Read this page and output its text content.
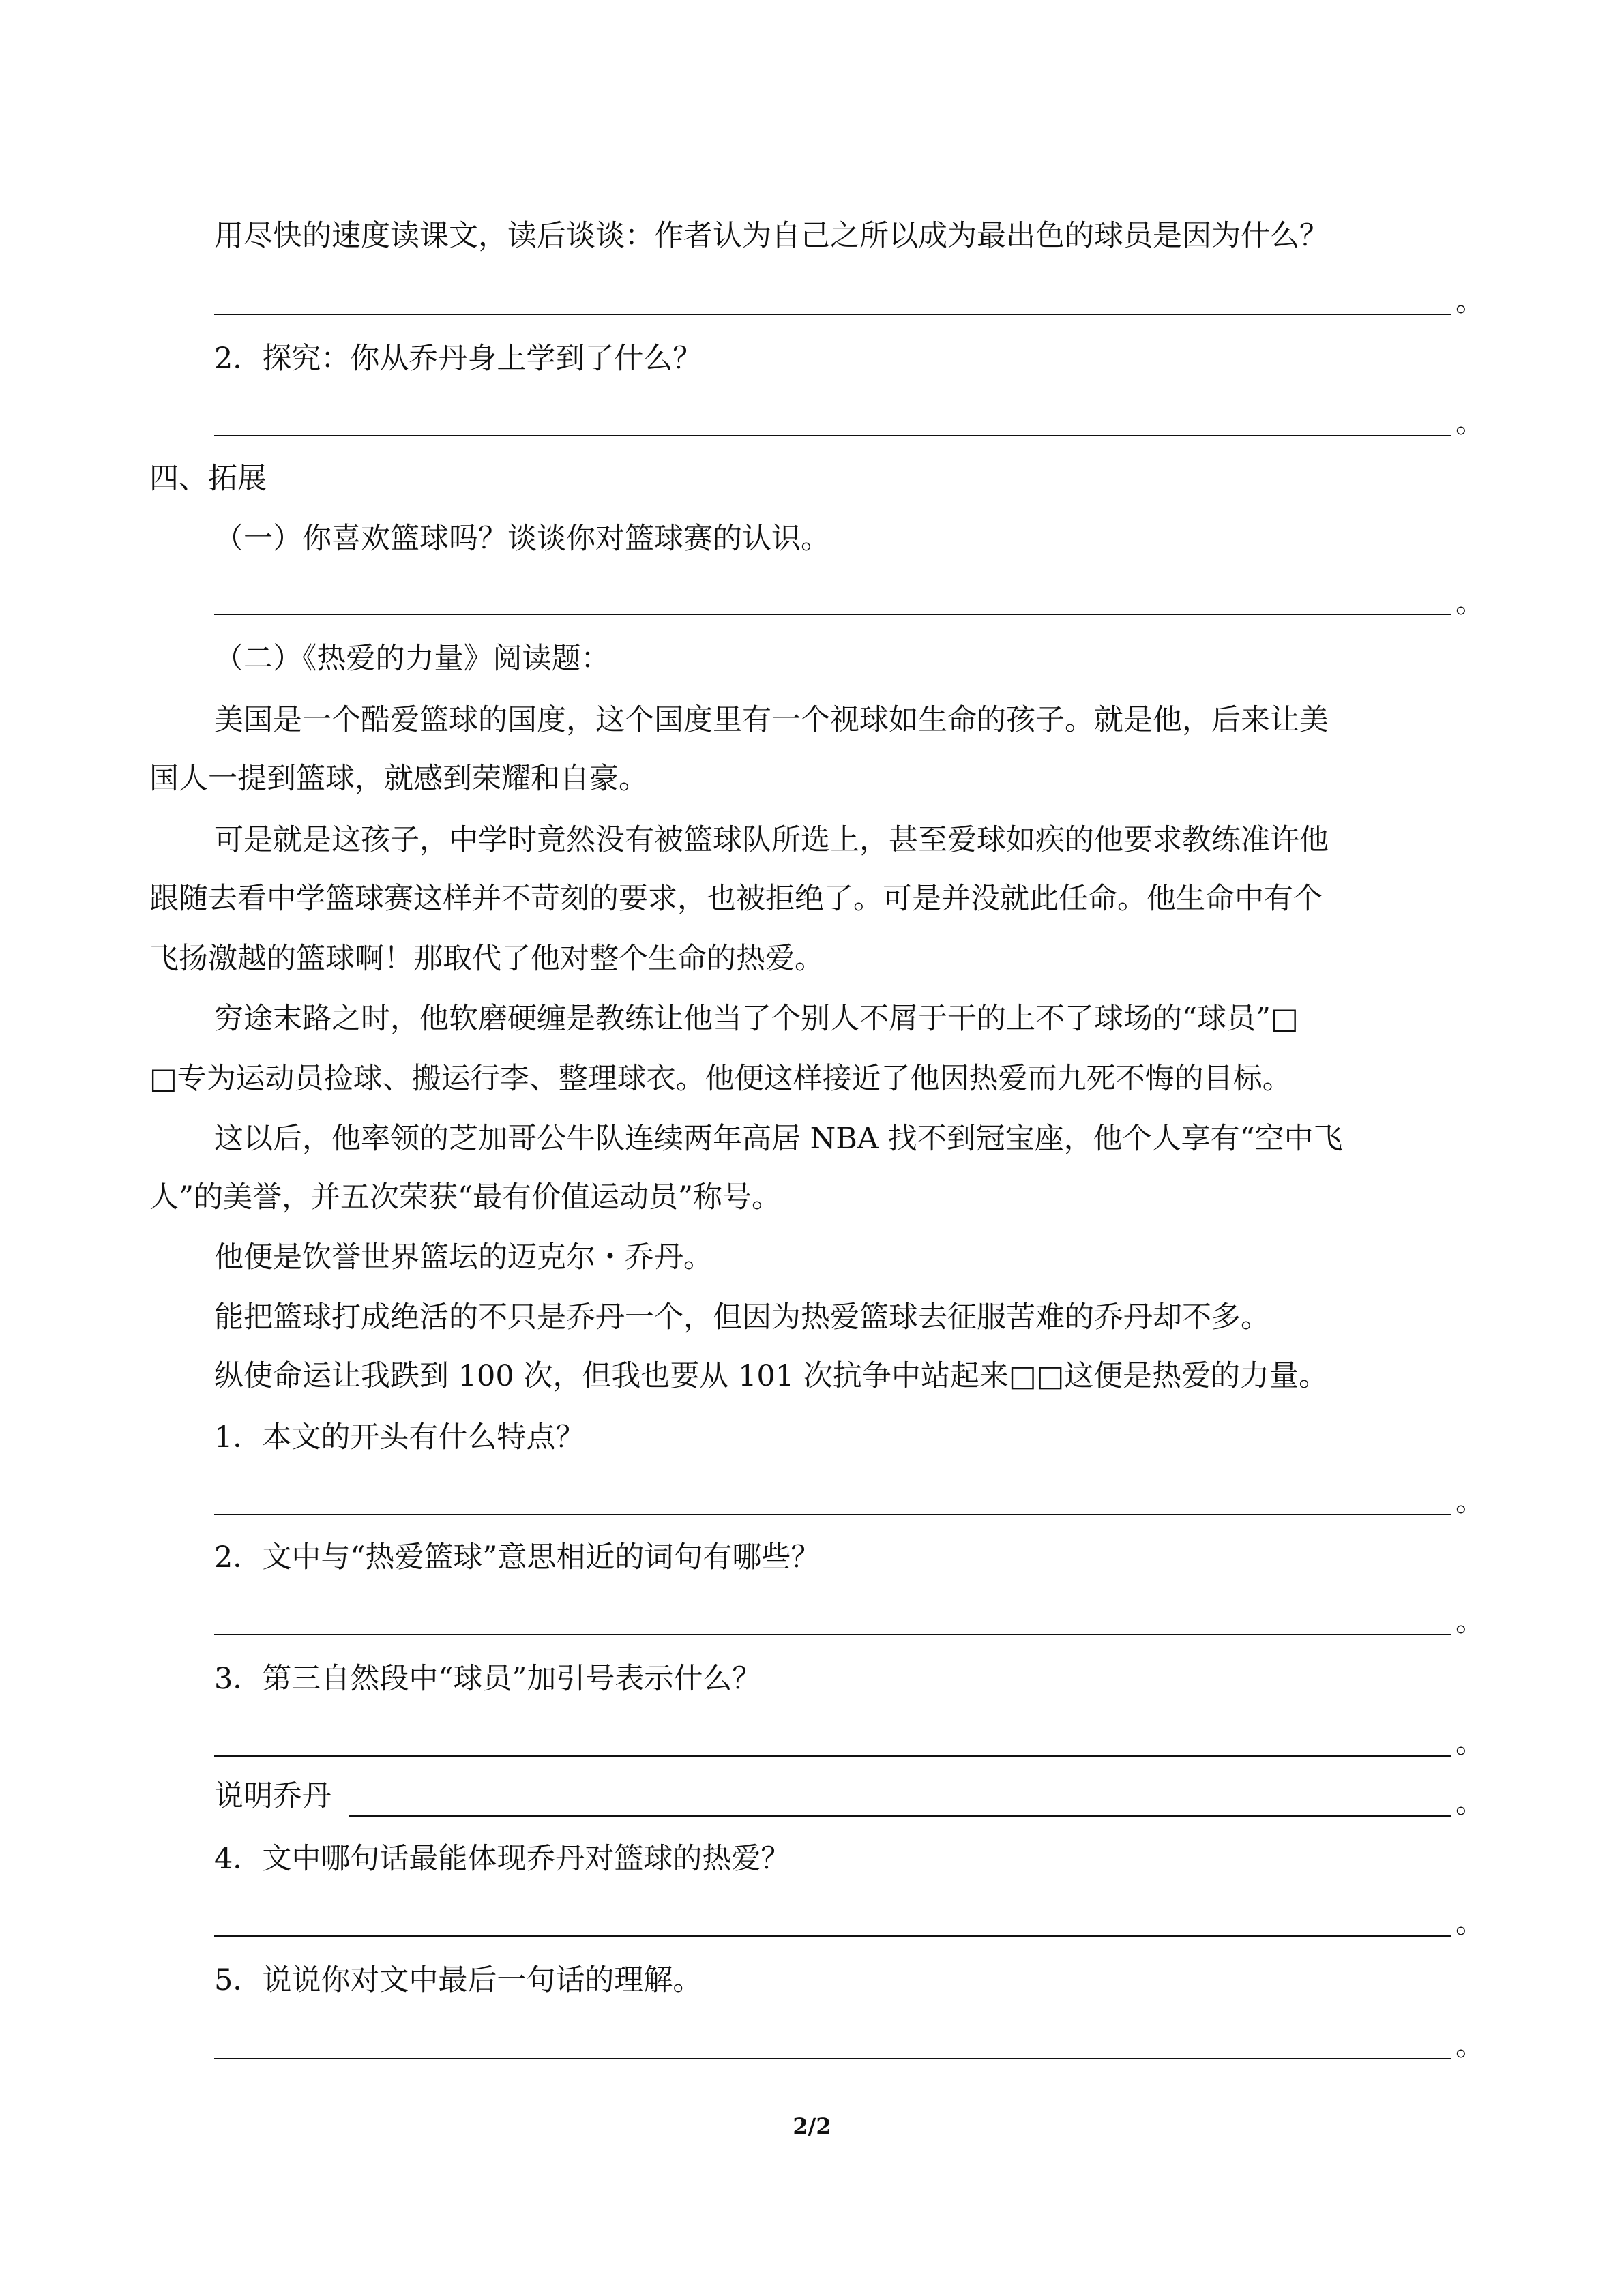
用尽快的速度读课文，读后谈谈：作者认为自己之所以成为最出色的球员是因为什么？
。
2．探究：你从乔丹身上学到了什么？
。
四、拓展
（一）你喜欢篮球吗？谈谈你对篮球赛的认识。
。
（二）《热爱的力量》阅读题：
美国是一个酷爱篮球的国度，这个国度里有一个视球如生命的孩子。就是他，后来让美
国人一提到篮球，就感到荣耀和自豪。
可是就是这孩子，中学时竟然没有被篮球队所选上，甚至爱球如疾的他要求教练准许他
跟随去看中学篮球赛这样并不苛刻的要求，也被拒绝了。可是并没就此任命。他生命中有个
飞扬激越的篮球啊！那取代了他对整个生命的热爱。
穷途末路之时，他软磨硬缠是教练让他当了个别人不屑于干的上不了球场的“球员”□
□专为运动员捡球、搬运行李、整理球衣。他便这样接近了他因热爱而九死不悔的目标。
这以后，他率领的芝加哥公牛队连续两年高居 NBA 找不到冠宝座，他个人享有“空中飞
人”的美誉，并五次荣获“最有价值运动员”称号。
他便是饮誉世界篮坛的迈克尔・乔丹。
能把篮球打成绝活的不只是乔丹一个，但因为热爱篮球去征服苦难的乔丹却不多。
纵使命运让我跌到 100 次，但我也要从 101 次抗争中站起来□□这便是热爱的力量。
1．本文的开头有什么特点？
。
2．文中与“热爱篮球”意思相近的词句有哪些？
。
3．第三自然段中“球员”加引号表示什么？
。
说明乔丹	。
4．文中哪句话最能体现乔丹对篮球的热爱？
。
5．说说你对文中最后一句话的理解。
。
2/2
